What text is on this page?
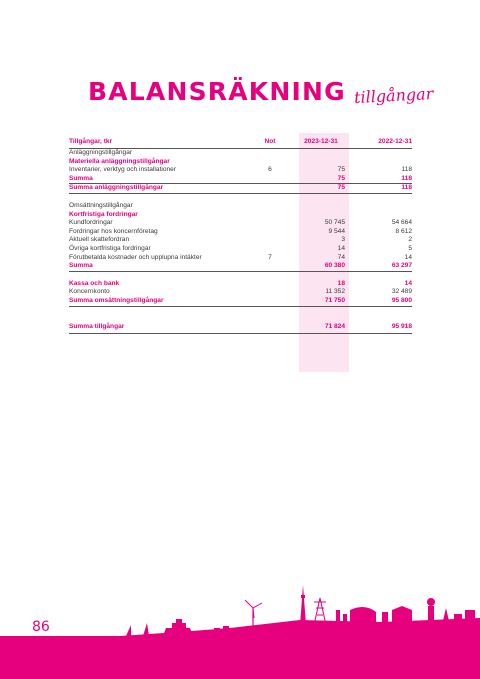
BALANSRÄKNING tillgångar
Tillgångar, tkr	Not	2023-12-31	2022-12-31
Anläggningstillgångar			
Materiella anläggningstillgångar			
Inventarier, verktyg och installationer	6	75	118
Summa		75	118
Summa anläggningstillgångar		75	118

Omsättningstillgångar			
Kortfristiga fordringar			
Kundfordringar		50 745	54 664
Fordringar hos koncernföretag		9 544	8 612
Aktuell skattefordran		3	2
Övriga kortfristiga fordringar		14	5
Förutbetalda kostnader och upplupna intäkter	7	74	14
Summa		60 380	63 297

Kassa och bank		18	14
Koncernkonto		11 352	32 489
Summa omsättningstillgångar		71 750	95 800

Summa tillgångar		71 824	95 918
86
